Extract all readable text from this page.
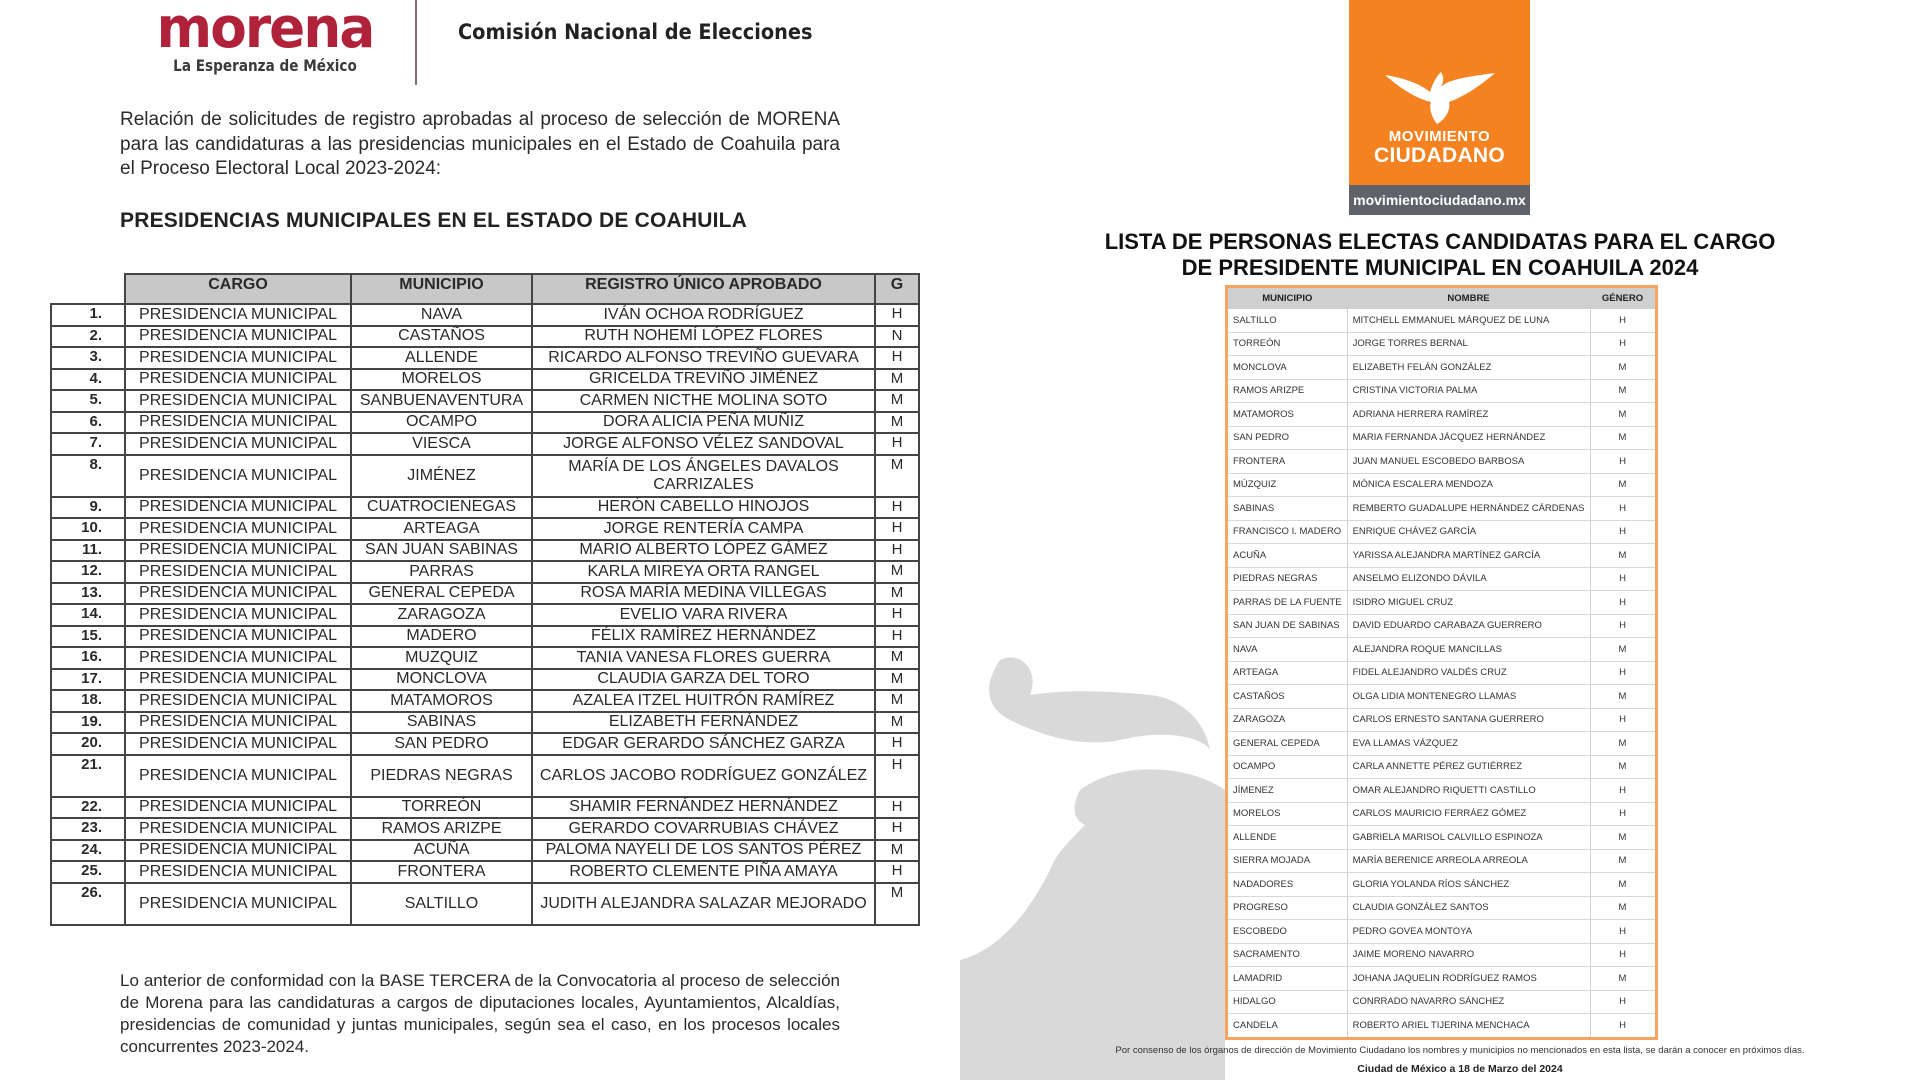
morena
La Esperanza de México
Comisión Nacional de Elecciones
Relación de solicitudes de registro aprobadas al proceso de selección de MORENA para las candidaturas a las presidencias municipales en el Estado de Coahuila para el Proceso Electoral Local 2023-2024:
PRESIDENCIAS MUNICIPALES EN EL ESTADO DE COAHUILA
	CARGO	MUNICIPIO	REGISTRO ÚNICO APROBADO	G
1.	PRESIDENCIA MUNICIPAL	NAVA	IVÁN OCHOA RODRÍGUEZ	H
2.	PRESIDENCIA MUNICIPAL	CASTAÑOS	RUTH NOHEMÍ LÓPEZ FLORES	N
3.	PRESIDENCIA MUNICIPAL	ALLENDE	RICARDO ALFONSO TREVIÑO GUEVARA	H
4.	PRESIDENCIA MUNICIPAL	MORELOS	GRICELDA TREVIÑO JIMÉNEZ	M
5.	PRESIDENCIA MUNICIPAL	SANBUENAVENTURA	CARMEN NICTHE MOLINA SOTO	M
6.	PRESIDENCIA MUNICIPAL	OCAMPO	DORA ALICIA PEÑA MUÑIZ	M
7.	PRESIDENCIA MUNICIPAL	VIESCA	JORGE ALFONSO VÉLEZ SANDOVAL	H
8.	PRESIDENCIA MUNICIPAL	JIMÉNEZ	MARÍA DE LOS ÁNGELES DAVALOS CARRIZALES	M
9.	PRESIDENCIA MUNICIPAL	CUATROCIENEGAS	HERÓN CABELLO HINOJOS	H
10.	PRESIDENCIA MUNICIPAL	ARTEAGA	JORGE RENTERÍA CAMPA	H
11.	PRESIDENCIA MUNICIPAL	SAN JUAN SABINAS	MARIO ALBERTO LÓPEZ GÁMEZ	H
12.	PRESIDENCIA MUNICIPAL	PARRAS	KARLA MIREYA ORTA RANGEL	M
13.	PRESIDENCIA MUNICIPAL	GENERAL CEPEDA	ROSA MARÍA MEDINA VILLEGAS	M
14.	PRESIDENCIA MUNICIPAL	ZARAGOZA	EVELIO VARA RIVERA	H
15.	PRESIDENCIA MUNICIPAL	MADERO	FÉLIX RAMÍREZ HERNÁNDEZ	H
16.	PRESIDENCIA MUNICIPAL	MUZQUIZ	TANIA VANESA FLORES GUERRA	M
17.	PRESIDENCIA MUNICIPAL	MONCLOVA	CLAUDIA GARZA DEL TORO	M
18.	PRESIDENCIA MUNICIPAL	MATAMOROS	AZALEA ITZEL HUITRÓN RAMÍREZ	M
19.	PRESIDENCIA MUNICIPAL	SABINAS	ELIZABETH FERNÁNDEZ	M
20.	PRESIDENCIA MUNICIPAL	SAN PEDRO	EDGAR GERARDO SÁNCHEZ GARZA	H
21.	PRESIDENCIA MUNICIPAL	PIEDRAS NEGRAS	CARLOS JACOBO RODRÍGUEZ GONZÁLEZ	H
22.	PRESIDENCIA MUNICIPAL	TORREÓN	SHAMIR FERNÁNDEZ HERNÁNDEZ	H
23.	PRESIDENCIA MUNICIPAL	RAMOS ARIZPE	GERARDO COVARRUBIAS CHÁVEZ	H
24.	PRESIDENCIA MUNICIPAL	ACUÑA	PALOMA NAYELI DE LOS SANTOS PÉREZ	M
25.	PRESIDENCIA MUNICIPAL	FRONTERA	ROBERTO CLEMENTE PIÑA AMAYA	H
26.	PRESIDENCIA MUNICIPAL	SALTILLO	JUDITH ALEJANDRA SALAZAR MEJORADO	M
Lo anterior de conformidad con la BASE TERCERA de la Convocatoria al proceso de selección de Morena para las candidaturas a cargos de diputaciones locales, Ayuntamientos, Alcaldías, presidencias de comunidad y juntas municipales, según sea el caso, en los procesos locales concurrentes 2023-2024.
MOVIMIENTO
CIUDADANO
movimientociudadano.mx
LISTA DE PERSONAS ELECTAS CANDIDATAS PARA EL CARGO
DE PRESIDENTE MUNICIPAL EN COAHUILA 2024
MUNICIPIO	NOMBRE	GÉNERO
SALTILLO	MITCHELL EMMANUEL MÁRQUEZ DE LUNA	H
TORREÓN	JORGE TORRES BERNAL	H
MONCLOVA	ELIZABETH FELÁN GONZÁLEZ	M
RAMOS ARIZPE	CRISTINA VICTORIA PALMA	M
MATAMOROS	ADRIANA HERRERA RAMÍREZ	M
SAN PEDRO	MARIA FERNANDA JÁCQUEZ HERNÁNDEZ	M
FRONTERA	JUAN MANUEL ESCOBEDO BARBOSA	H
MÚZQUIZ	MÓNICA ESCALERA MENDOZA	M
SABINAS	REMBERTO GUADALUPE HERNÁNDEZ CÁRDENAS	H
FRANCISCO I. MADERO	ENRIQUE CHÁVEZ GARCÍA	H
ACUÑA	YARISSA ALEJANDRA MARTÍNEZ GARCÍA	M
PIEDRAS NEGRAS	ANSELMO ELIZONDO DÁVILA	H
PARRAS DE LA FUENTE	ISIDRO MIGUEL CRUZ	H
SAN JUAN DE SABINAS	DAVID EDUARDO CARABAZA GUERRERO	H
NAVA	ALEJANDRA ROQUE MANCILLAS	M
ARTEAGA	FIDEL ALEJANDRO VALDÉS CRUZ	H
CASTAÑOS	OLGA LIDIA MONTENEGRO LLAMAS	M
ZARAGOZA	CARLOS ERNESTO SANTANA GUERRERO	H
GENERAL CEPEDA	EVA LLAMAS VÁZQUEZ	M
OCAMPO	CARLA ANNETTE PÉREZ GUTIÉRREZ	M
JÍMENEZ	OMAR ALEJANDRO RIQUETTI CASTILLO	H
MORELOS	CARLOS MAURICIO FERRÁEZ GÓMEZ	H
ALLENDE	GABRIELA MARISOL CALVILLO ESPINOZA	M
SIERRA MOJADA	MARÍA BERENICE ARREOLA ARREOLA	M
NADADORES	GLORIA YOLANDA RÍOS SÁNCHEZ	M
PROGRESO	CLAUDIA GONZÁLEZ SANTOS	M
ESCOBEDO	PEDRO GOVEA MONTOYA	H
SACRAMENTO	JAIME MORENO NAVARRO	H
LAMADRID	JOHANA JAQUELIN RODRÍGUEZ RAMOS	M
HIDALGO	CONRRADO NAVARRO SÁNCHEZ	H
CANDELA	ROBERTO ARIEL TIJERINA MENCHACA	H
Por consenso de los órganos de dirección de Movimiento Ciudadano los nombres y municipios no mencionados en esta lista, se darán a conocer en próximos días.
Ciudad de México a 18 de Marzo del 2024
